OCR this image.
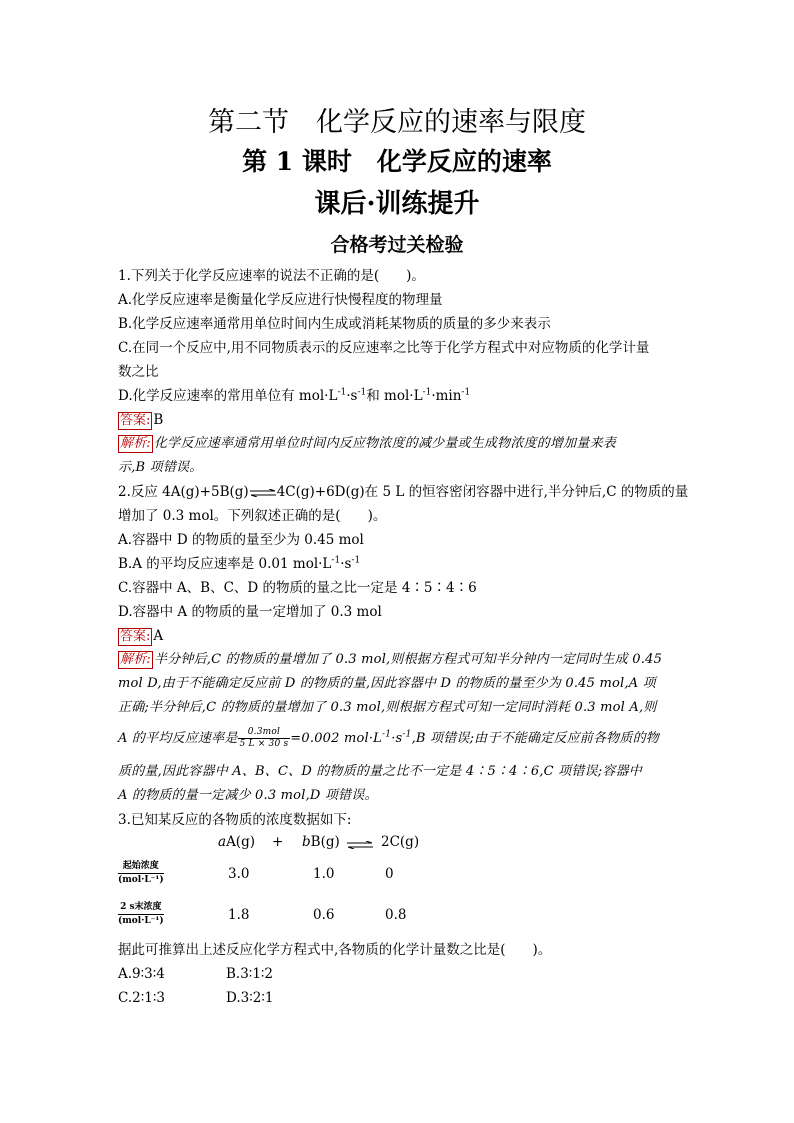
第二节　化学反应的速率与限度
第 1 课时　化学反应的速率
课后·训练提升
合格考过关检验
1.下列关于化学反应速率的说法不正确的是(　　)。
A.化学反应速率是衡量化学反应进行快慢程度的物理量
B.化学反应速率通常用单位时间内生成或消耗某物质的质量的多少来表示
C.在同一个反应中,用不同物质表示的反应速率之比等于化学方程式中对应物质的化学计量
数之比
D.化学反应速率的常用单位有 $mol\cdot L^{-1}\cdot s^{-1}$和 $mol\cdot L^{-1}\cdot\min^{-1}$
答案: B
解析: 化学反应速率通常用单位时间内反应物浓度的减少量或生成物浓度的增加量来表
示,B 项错误。
2.反应 4A(g)+5B(g)⇌4C(g)+6D(g)在 5 L 的恒容密闭容器中进行,半分钟后,C 的物质的量
增加了 0.3 mol。下列叙述正确的是(　　)。
A.容器中 D 的物质的量至少为 0.45 mol
B.A 的平均反应速率是 0.01 $mol\cdot L^{-1}\cdot s^{-1}$
C.容器中 A、B、C、D 的物质的量之比一定是 4∶5∶4∶6
D.容器中 A 的物质的量一定增加了 0.3 mol
答案: A
解析: 半分钟后,C 的物质的量增加了 0.3 mol,则根据方程式可知半分钟内一定同时生成 0.45
mol D,由于不能确定反应前 D 的物质的量,因此容器中 D 的物质的量至少为 0.45 mol,A 项
正确;半分钟后,C 的物质的量增加了 0.3 mol,则根据方程式可知一定同时消耗 0.3 mol A,则
A 的平均反应速率是 $\frac{\text{0.3mol}}{5 L \times 30 s} =0.002$ $mol\cdot L^{-1}\cdot s^{-1},B$ 项错误;由于不能确定反应前各物质的物
质的量,因此容器中 A、B、C、D 的物质的量之比不一定是 4∶5∶4∶6,C 项错误;容器中
A 的物质的量一定减少 0.3 mol,D 项错误。
3.已知某反应的各物质的浓度数据如下:
aA(g) + bB(g)	2C(g)
起始浓度
(mol·L⁻¹)	3.0	1.0	0
2 s末浓度
(mol·L⁻¹)	1.8	0.6	0.8
据此可推算出上述反应化学方程式中,各物质的化学计量数之比是(　　)。
A.9∶3∶4	B.3∶1∶2
C.2∶1∶3	D.3∶2∶1
